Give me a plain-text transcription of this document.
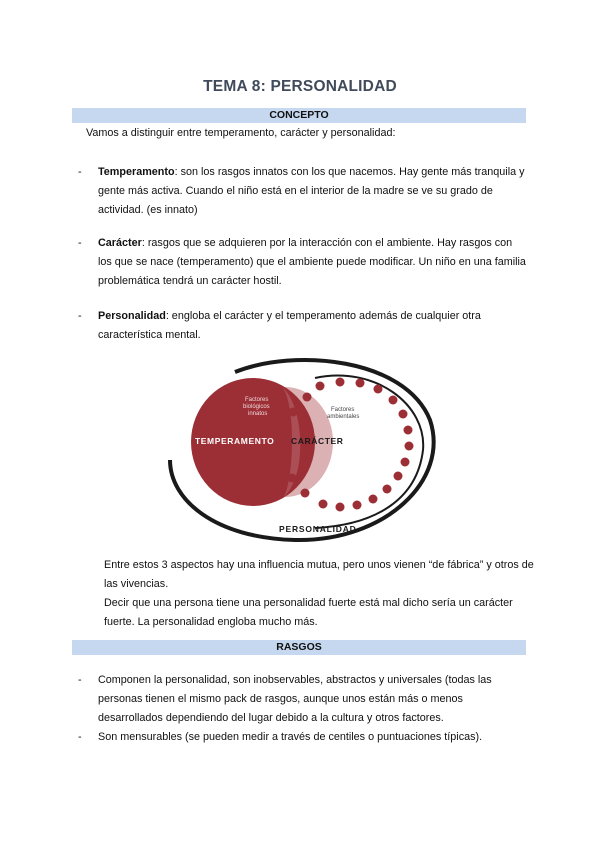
TEMA 8: PERSONALIDAD
CONCEPTO
Vamos a distinguir entre temperamento, carácter y personalidad:
- Temperamento: son los rasgos innatos con los que nacemos. Hay gente más tranquila y gente más activa. Cuando el niño está en el interior de la madre se ve su grado de actividad. (es innato)
- Carácter: rasgos que se adquieren por la interacción con el ambiente. Hay rasgos con los que se nace (temperamento) que el ambiente puede modificar. Un niño en una familia problemática tendrá un carácter hostil.
- Personalidad: engloba el carácter y el temperamento además de cualquier otra característica mental.
TEMPERAMENTO CARÁCTER
PERSONALIDAD
Factores
biológicos
innatos
Factores
ambientales
Entre estos 3 aspectos hay una influencia mutua, pero unos vienen “de fábrica” y otros de las vivencias.
Decir que una persona tiene una personalidad fuerte está mal dicho sería un carácter fuerte. La personalidad engloba mucho más.
RASGOS
- Componen la personalidad, son inobservables, abstractos y universales (todas las personas tienen el mismo pack de rasgos, aunque unos están más o menos desarrollados dependiendo del lugar debido a la cultura y otros factores.
- Son mensurables (se pueden medir a través de centiles o puntuaciones típicas).
